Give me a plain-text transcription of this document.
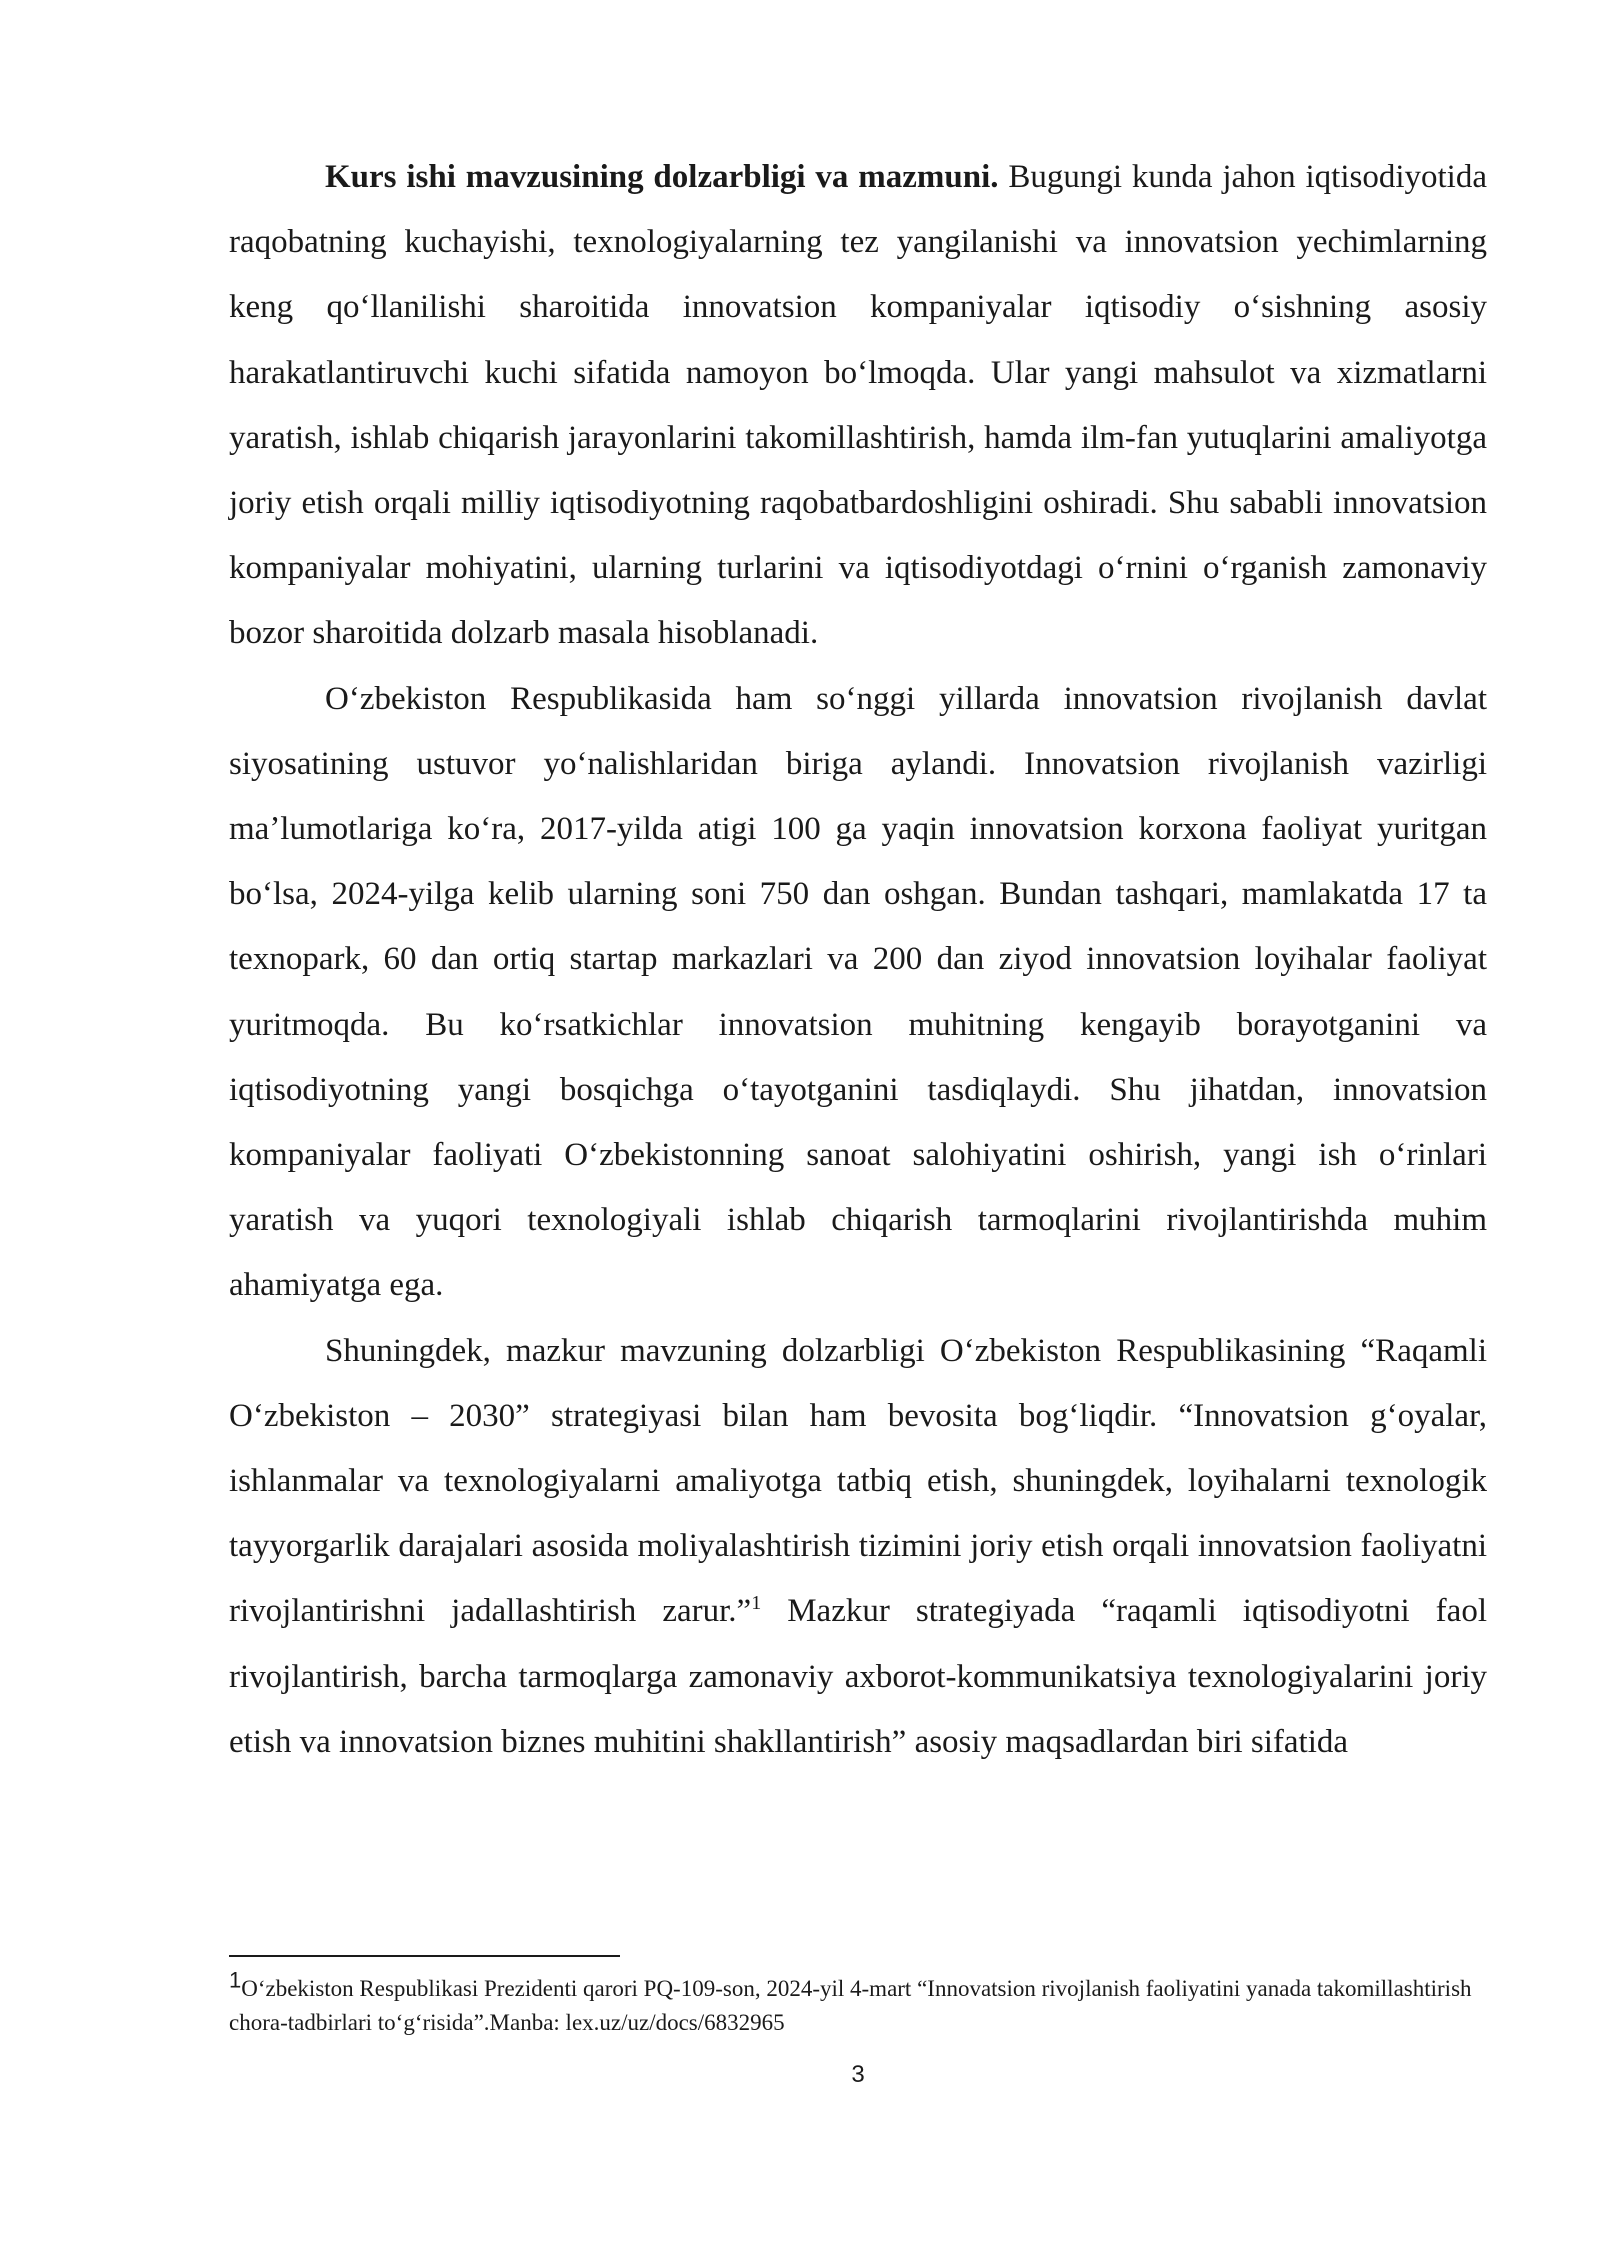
Kurs ishi mavzusining dolzarbligi va mazmuni. Bugungi kunda jahon iqtisodiyotida raqobatning kuchayishi, texnologiyalarning tez yangilanishi va innovatsion yechimlarning keng qoʻllanilishi sharoitida innovatsion kompaniyalar iqtisodiy oʻsishning asosiy harakatlantiruvchi kuchi sifatida namoyon boʻlmoqda. Ular yangi mahsulot va xizmatlarni yaratish, ishlab chiqarish jarayonlarini takomillashtirish, hamda ilm-fan yutuqlarini amaliyotga joriy etish orqali milliy iqtisodiyotning raqobatbardoshligini oshiradi. Shu sababli innovatsion kompaniyalar mohiyatini, ularning turlarini va iqtisodiyotdagi oʻrnini oʻrganish zamonaviy bozor sharoitida dolzarb masala hisoblanadi.

Oʻzbekiston Respublikasida ham soʻnggi yillarda innovatsion rivojlanish davlat siyosatining ustuvor yoʻnalishlaridan biriga aylandi. Innovatsion rivojlanish vazirligi maʼlumotlariga koʻra, 2017-yilda atigi 100 ga yaqin innovatsion korxona faoliyat yuritgan boʻlsa, 2024-yilga kelib ularning soni 750 dan oshgan. Bundan tashqari, mamlakatda 17 ta texnopark, 60 dan ortiq startap markazlari va 200 dan ziyod innovatsion loyihalar faoliyat yuritmoqda. Bu koʻrsatkichlar innovatsion muhitning kengayib borayotganini va iqtisodiyotning yangi bosqichga oʻtayotganini tasdiqlaydi. Shu jihatdan, innovatsion kompaniyalar faoliyati Oʻzbekistonning sanoat salohiyatini oshirish, yangi ish oʻrinlari yaratish va yuqori texnologiyali ishlab chiqarish tarmoqlarini rivojlantirishda muhim ahamiyatga ega.

Shuningdek, mazkur mavzuning dolzarbligi Oʻzbekiston Respublikasining “Raqamli Oʻzbekiston – 2030” strategiyasi bilan ham bevosita bogʻliqdir. “Innovatsion gʻoyalar, ishlanmalar va texnologiyalarni amaliyotga tatbiq etish, shuningdek, loyihalarni texnologik tayyorgarlik darajalari asosida moliyalashtirish tizimini joriy etish orqali innovatsion faoliyatni rivojlantirishni jadallashtirish zarur.”$^1$ Mazkur strategiyada “raqamli iqtisodiyotni faol rivojlantirish, barcha tarmoqlarga zamonaviy axborot-kommunikatsiya texnologiyalarini joriy etish va innovatsion biznes muhitini shakllantirish” asosiy maqsadlardan biri sifatida

1Oʻzbekiston Respublikasi Prezidenti qarori PQ-109-son, 2024-yil 4-mart “Innovatsion rivojlanish faoliyatini yanada takomillashtirish chora-tadbirlari toʻgʻrisida”.Manba: lex.uz/uz/docs/6832965
3
